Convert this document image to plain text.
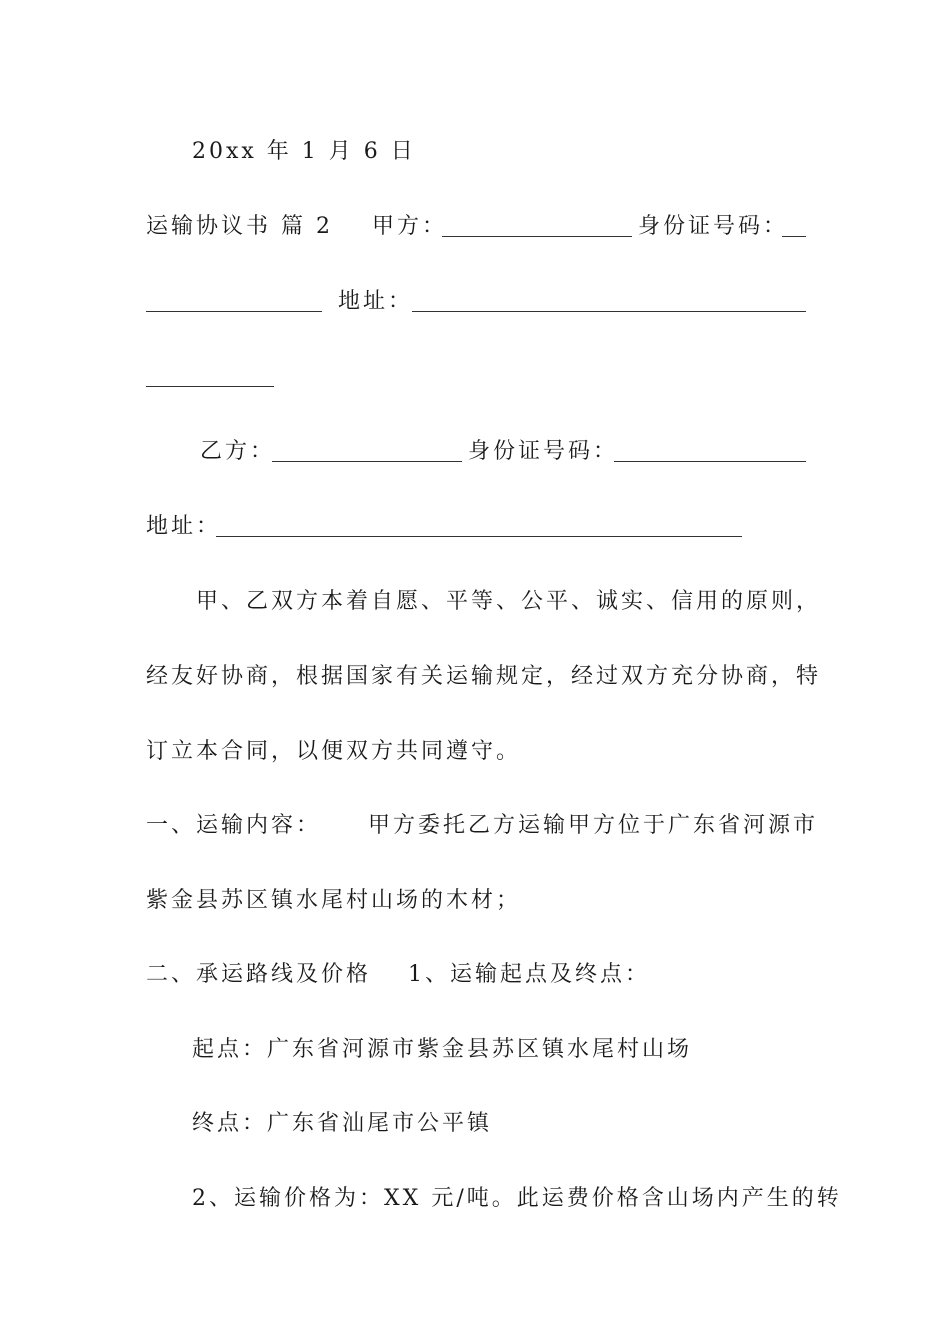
20xx 年 1 月 6 日
运输协议书 篇 2 甲方：	身份证号码：
地址：
乙方：	身份证号码：
地址：
甲、乙双方本着自愿、平等、公平、诚实、信用的原则，
经友好协商，根据国家有关运输规定，经过双方充分协商，特
订立本合同，以便双方共同遵守。
一、运输内容： 甲方委托乙方运输甲方位于广东省河源市
紫金县苏区镇水尾村山场的木材；
二、承运路线及价格 1、运输起点及终点：
起点：广东省河源市紫金县苏区镇水尾村山场
终点：广东省汕尾市公平镇
2、运输价格为：XX 元/吨。此运费价格含山场内产生的转
